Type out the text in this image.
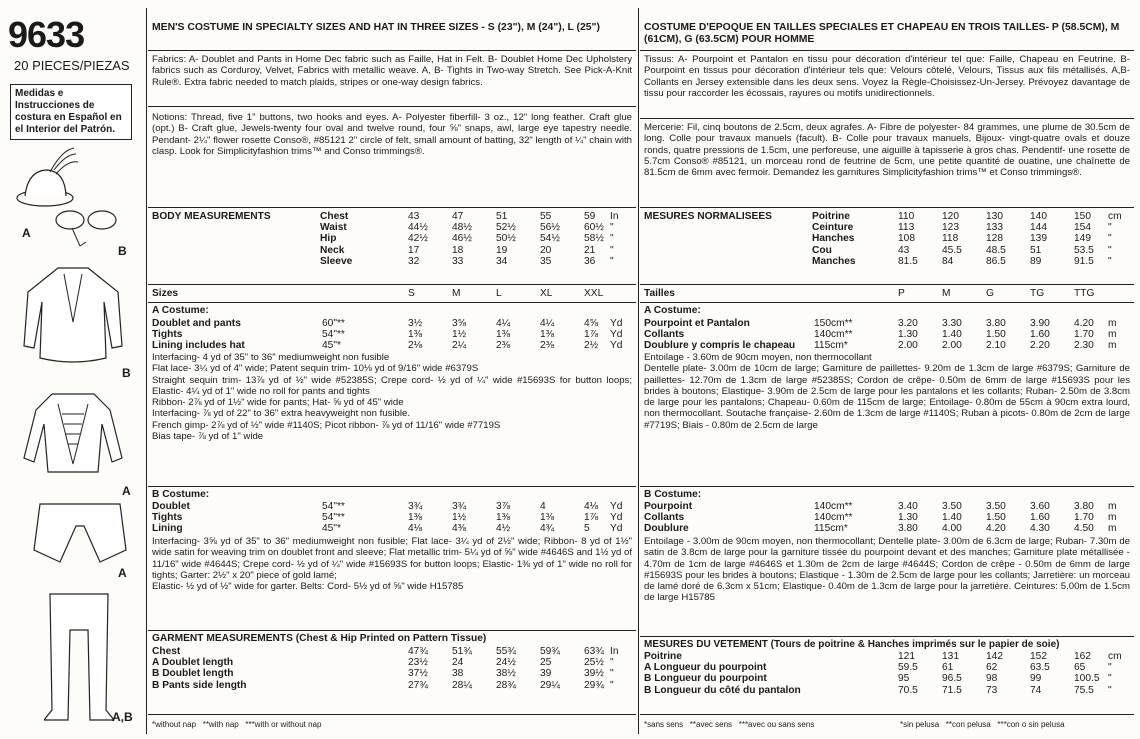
9633
20 PIECES/PIEZAS
Medidas e Instrucciones de costura en Español en el Interior del Patrón.
A
B
B
A
A
A,B
MEN'S COSTUME IN SPECIALTY SIZES AND HAT IN THREE SIZES - S (23"), M (24"), L (25")
Fabrics: A- Doublet and Pants in Home Dec fabric such as Faille, Hat in Felt. B- Doublet Home Dec Upholstery fabrics such as Corduroy, Velvet, Fabrics with metallic weave. A, B- Tights in Two-way Stretch. See Pick-A-Knit Rule®. Extra fabric needed to match plaids, stripes or one-way design fabrics.
Notions: Thread, five 1" buttons, two hooks and eyes. A- Polyester fiberfill- 3 oz., 12" long feather. Craft glue (opt.) B- Craft glue, Jewels-twenty four oval and twelve round, four ⅝" snaps, awl, large eye tapestry needle. Pendant- 2¼" flower rosette Conso®, #85121 2" circle of felt, small amount of batting, 32" length of ¼" chain with clasp. Look for Simplicityfashion trims™ and Conso trimmings®.
BODY MEASUREMENTS
		Chest	43	47	51	55	59	In
	Waist	44½	48½	52½	56½	60½	"
	Hip	42½	46½	50½	54½	58½	"
	Neck	17	18	19	20	21	"
	Sleeve	32	33	34	35	36	"
Sizes	S	M	L	XL	XXL	
A Costume:
Doublet and pants	60"**	3½	3⅝	4¼	4¼	4⅝	Yd
Tights	54"**	1⅜	1½	1⅜	1⅜	1⅞	Yd
Lining includes hat	45"*	2⅛	2¼	2⅜	2⅜	2½	Yd
Interfacing- 4 yd of 35" to 36" mediumweight non fusible
Flat lace- 3¼ yd of 4" wide; Patent sequin trim- 10⅛ yd of 9/16" wide #6379S
Straight sequin trim- 13⅞ yd of ½" wide #52385S; Crepe cord- ½ yd of ¼" wide #15693S for button loops; Elastic- 4¼ yd of 1" wide no roll for pants and tights
Ribbon- 2⅞ yd of 1½" wide for pants; Hat- ⅝ yd of 45" wide
Interfacing- ⅞ yd of 22" to 36" extra heavyweight non fusible.
French gimp- 2⅞ yd of ½" wide #1140S; Picot ribbon- ⅞ yd of 11/16" wide #7719S
Bias tape- ⅞ yd of 1" wide
B Costume:
Doublet	54"**	3¾	3¾	3⅞	4	4⅛	Yd
Tights	54"**	1⅜	1½	1⅜	1⅜	1⅞	Yd
Lining	45"*	4⅛	4⅜	4½	4¾	5	Yd
Interfacing- 3⅝ yd of 35" to 36" mediumweight non fusible; Flat lace- 3¼ yd of 2½" wide; Ribbon- 8 yd of 1½" wide satin for weaving trim on doublet front and sleeve; Flat metallic trim- 5¼ yd of ⅝" wide #4646S and 1½ yd of 11/16" wide #4644S; Crepe cord- ½ yd of ¼" wide #15693S for button loops; Elastic- 1⅜ yd of 1" wide no roll for tights; Garter: 2½" x 20" piece of gold lamé;
Elastic- ½ yd of ½" wide for garter. Belts: Cord- 5½ yd of ⅝" wide H15785
GARMENT MEASUREMENTS (Chest & Hip Printed on Pattern Tissue)
Chest	47¾	51¾	55¾	59¾	63¾	In
A Doublet length	23½	24	24½	25	25½	"
B Doublet length	37½	38	38½	39	39½	"
B Pants side length	27¾	28¼	28¾	29¼	29¾	"
*without nap   **with nap   ***with or without nap
COSTUME D'EPOQUE EN TAILLES SPECIALES ET CHAPEAU EN TROIS TAILLES- P (58.5CM), M (61CM), G (63.5CM) POUR HOMME
Tissus: A- Pourpoint et Pantalon en tissu pour décoration d'intérieur tel que: Faille, Chapeau en Feutrine. B- Pourpoint en tissus pour décoration d'intérieur tels que: Velours côtelé, Velours, Tissus aux fils métallisés. A,B- Collants en Jersey extensible dans les deux sens. Voyez la Règle-Choisissez-Un-Jersey. Prévoyez davantage de tissu pour raccorder les écossais, rayures ou motifs unidirectionnels.
Mercerie: Fil, cinq boutons de 2.5cm, deux agrafes. A- Fibre de polyester- 84 grammes, une plume de 30.5cm de long. Colle pour travaux manuels (facult). B- Colle pour travaux manuels, Bijoux- vingt-quatre ovals et douze ronds, quatre pressions de 1.5cm, une perforeuse, une aiguille à tapisserie à gros chas. Pendentif- une rosette de 5.7cm Conso® #85121, un morceau rond de feutrine de 5cm, une petite quantité de ouatine, une chaînette de 81.5cm de 6mm avec fermoir. Demandez les garnitures Simplicityfashion trims™ et Conso trimmings®.
MESURES NORMALISEES
		Poitrine	110	120	130	140	150	cm
	Ceinture	113	123	133	144	154	"
	Hanches	108	118	128	139	149	"
	Cou	43	45.5	48.5	51	53.5	"
	Manches	81.5	84	86.5	89	91.5	"
Tailles	P	M	G	TG	TTG	
A Costume:
Pourpoint et Pantalon	150cm**	3.20	3.30	3.80	3.90	4.20	m
Collants	140cm**	1.30	1.40	1.50	1.60	1.70	m
Doublure y compris le chapeau	115cm*	2.00	2.00	2.10	2.20	2.30	m
Entoilage - 3.60m de 90cm moyen, non thermocollant
Dentelle plate- 3.00m de 10cm de large; Garniture de paillettes- 9.20m de 1.3cm de large #6379S; Garniture de paillettes- 12.70m de 1.3cm de large #52385S; Cordon de crêpe- 0.50m de 6mm de large #15693S pour les brides à boutons; Elastique- 3.90m de 2.5cm de large pour les pantalons et les collants; Ruban- 2.50m de 3.8cm de large pour les pantalons; Chapeau- 0.60m de 115cm de large; Entoilage- 0.80m de 55cm à 90cm extra lourd, non thermocollant. Soutache française- 2.60m de 1.3cm de large #1140S; Ruban à picots- 0.80m de 2cm de large #7719S; Biais - 0.80m de 2.5cm de large
B Costume:
Pourpoint	140cm**	3.40	3.50	3.50	3.60	3.80	m
Collants	140cm**	1.30	1.40	1.50	1.60	1.70	m
Doublure	115cm*	3.80	4.00	4.20	4.30	4.50	m
Entoilage - 3.00m de 90cm moyen, non thermocollant; Dentelle plate- 3.00m de 6.3cm de large; Ruban- 7.30m de satin de 3.8cm de large pour la garniture tissée du pourpoint devant et des manches; Garniture plate métallisée - 4.70m de 1cm de large #4646S et 1.30m de 2cm de large #4644S; Cordon de crêpe - 0.50m de 6mm de large #15693S pour les brides à boutons; Elastique - 1.30m de 2.5cm de large pour les collants; Jarretière: un morceau de lamé doré de 6.3cm x 51cm; Elastique- 0.40m de 1.3cm de large pour la jarretière. Ceintures: 5.00m de 1.5cm de large H15785
MESURES DU VETEMENT (Tours de poitrine & Hanches imprimés sur le papier de soie)
Poitrine	121	131	142	152	162	cm
A Longueur du pourpoint	59.5	61	62	63.5	65	"
B Longueur du pourpoint	95	96.5	98	99	100.5	"
B Longueur du côté du pantalon	70.5	71.5	73	74	75.5	"
*sans sens   **avec sens   ***avec ou sans sens	*sin pelusa   **con pelusa   ***con o sin pelusa
